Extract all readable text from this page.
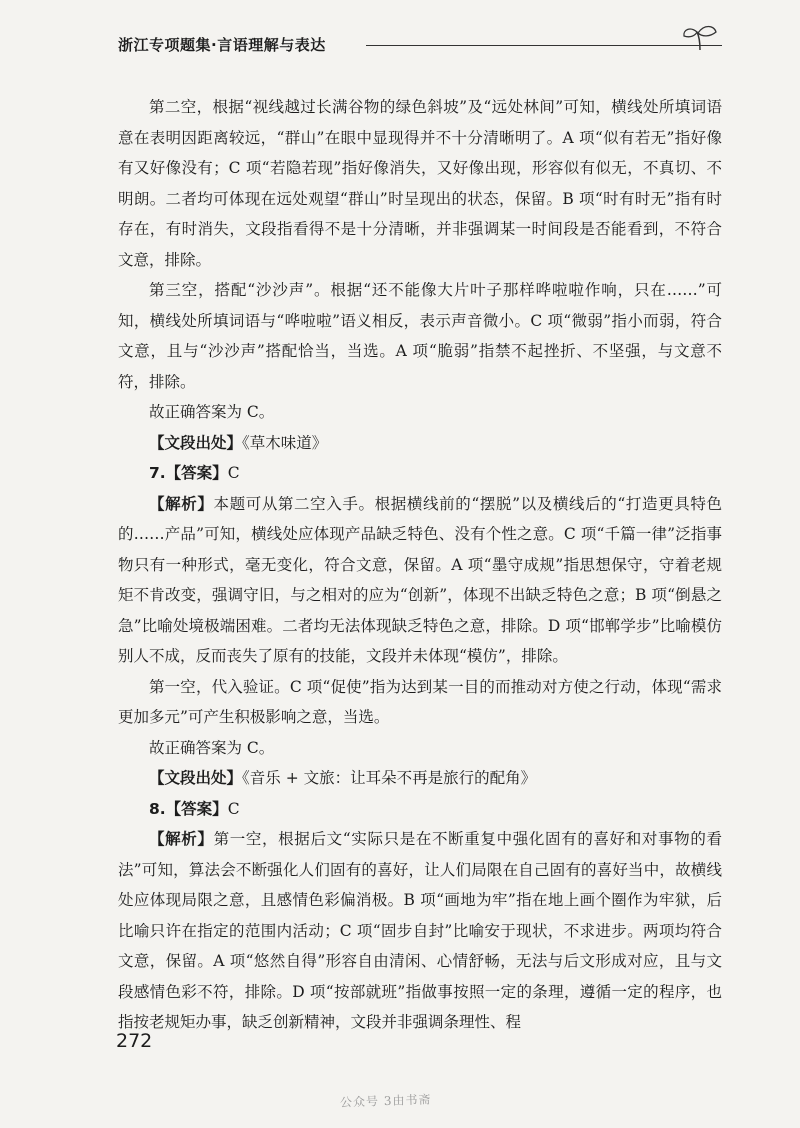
浙江专项题集·言语理解与表达

第二空，根据“视线越过长满谷物的绿色斜坡”及“远处林间”可知，横线处所填词语意在表明因距离较远，“群山”在眼中显现得并不十分清晰明了。A 项“似有若无”指好像有又好像没有；C 项“若隐若现”指好像消失，又好像出现，形容似有似无，不真切、不明朗。二者均可体现在远处观望“群山”时呈现出的状态，保留。B 项“时有时无”指有时存在，有时消失，文段指看得不是十分清晰，并非强调某一时间段是否能看到，不符合文意，排除。

第三空，搭配“沙沙声”。根据“还不能像大片叶子那样哗啦啦作响，只在……”可知，横线处所填词语与“哗啦啦”语义相反，表示声音微小。C 项“微弱”指小而弱，符合文意，且与“沙沙声”搭配恰当，当选。A 项“脆弱”指禁不起挫折、不坚强，与文意不符，排除。

故正确答案为 C。

【文段出处】《草木味道》

7.【答案】C

【解析】本题可从第二空入手。根据横线前的“摆脱”以及横线后的“打造更具特色的……产品”可知，横线处应体现产品缺乏特色、没有个性之意。C 项“千篇一律”泛指事物只有一种形式，毫无变化，符合文意，保留。A 项“墨守成规”指思想保守，守着老规矩不肯改变，强调守旧，与之相对的应为“创新”，体现不出缺乏特色之意；B 项“倒悬之急”比喻处境极端困难。二者均无法体现缺乏特色之意，排除。D 项“邯郸学步”比喻模仿别人不成，反而丧失了原有的技能，文段并未体现“模仿”，排除。

第一空，代入验证。C 项“促使”指为达到某一目的而推动对方使之行动，体现“需求更加多元”可产生积极影响之意，当选。

故正确答案为 C。

【文段出处】《音乐 + 文旅：让耳朵不再是旅行的配角》

8.【答案】C

【解析】第一空，根据后文“实际只是在不断重复中强化固有的喜好和对事物的看法”可知，算法会不断强化人们固有的喜好，让人们局限在自己固有的喜好当中，故横线处应体现局限之意，且感情色彩偏消极。B 项“画地为牢”指在地上画个圈作为牢狱，后比喻只许在指定的范围内活动；C 项“固步自封”比喻安于现状，不求进步。两项均符合文意，保留。A 项“悠然自得”形容自由清闲、心情舒畅，无法与后文形成对应，且与文段感情色彩不符，排除。D 项“按部就班”指做事按照一定的条理，遵循一定的程序，也指按老规矩办事，缺乏创新精神，文段并非强调条理性、程

272
公众号 3由书斋
